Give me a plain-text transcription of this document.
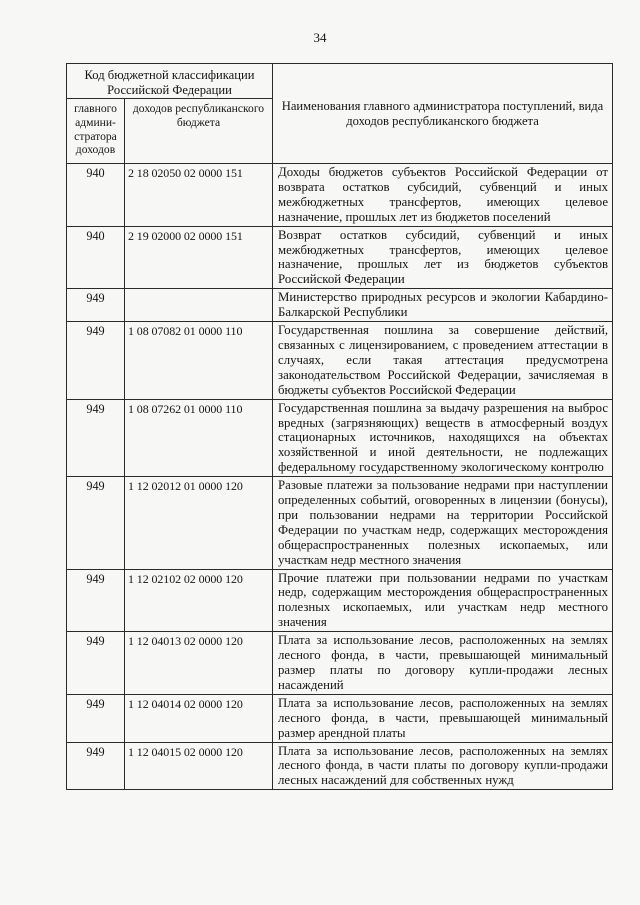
34
Код бюджетной классификации Российской Федерации		Наименования главного администратора поступлений, вида доходов республиканского бюджета
главного админи-стратора доходов	доходов республиканского бюджета	
940	2 18 02050 02 0000 151	Доходы бюджетов субъектов Российской Федерации от возврата остатков субсидий, субвенций и иных межбюджетных трансфертов, имеющих целевое назначение, прошлых лет из бюджетов поселений
940	2 19 02000 02 0000 151	Возврат остатков субсидий, субвенций и иных межбюджетных трансфертов, имеющих целевое назначение, прошлых лет из бюджетов субъектов Российской Федерации
949		Министерство природных ресурсов и экологии Кабардино-Балкарской Республики
949	1 08 07082 01 0000 110	Государственная пошлина за совершение действий, связанных с лицензированием, с проведением аттестации в случаях, если такая аттестация предусмотрена законодательством Российской Федерации, зачисляемая в бюджеты субъектов Российской Федерации
949	1 08 07262 01 0000 110	Государственная пошлина за выдачу разрешения на выброс вредных (загрязняющих) веществ в атмосферный воздух стационарных источников, находящихся на объектах хозяйственной и иной деятельности, не подлежащих федеральному государственному экологическому контролю
949	1 12 02012 01 0000 120	Разовые платежи за пользование недрами при наступлении определенных событий, оговоренных в лицензии (бонусы), при пользовании недрами на территории Российской Федерации по участкам недр, содержащих месторождения общераспространенных полезных ископаемых, или участкам недр местного значения
949	1 12 02102 02 0000 120	Прочие платежи при пользовании недрами по участкам недр, содержащим месторождения общераспространенных полезных ископаемых, или участкам недр местного значения
949	1 12 04013 02 0000 120	Плата за использование лесов, расположенных на землях лесного фонда, в части, превышающей минимальный размер платы по договору купли-продажи лесных насаждений
949	1 12 04014 02 0000 120	Плата за использование лесов, расположенных на землях лесного фонда, в части, превышающей минимальный размер арендной платы
949	1 12 04015 02 0000 120	Плата за использование лесов, расположенных на землях лесного фонда, в части платы по договору купли-продажи лесных насаждений для собственных нужд
